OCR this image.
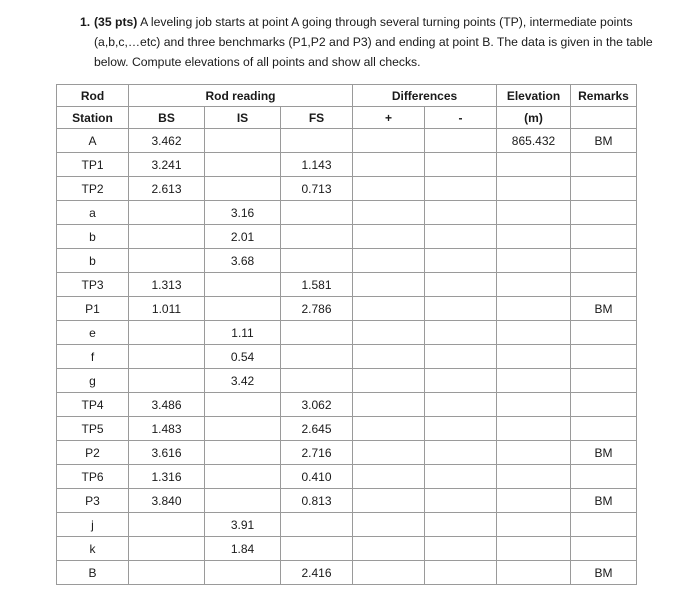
1. (35 pts) A leveling job starts at point A going through several turning points (TP), intermediate points (a,b,c,…etc) and three benchmarks (P1,P2 and P3) and ending at point B. The data is given in the table below. Compute elevations of all points and show all checks.
Rod	Rod reading			Differences		Elevation	Remarks
Station	BS	IS	FS	+	-	(m)	
A	3.462					865.432	BM
TP1	3.241		1.143				
TP2	2.613		0.713				
a		3.16					
b		2.01					
b		3.68					
TP3	1.313		1.581				
P1	1.011		2.786				BM
e		1.11					
f		0.54					
g		3.42					
TP4	3.486		3.062				
TP5	1.483		2.645				
P2	3.616		2.716				BM
TP6	1.316		0.410				
P3	3.840		0.813				BM
j		3.91					
k		1.84					
B			2.416				BM
